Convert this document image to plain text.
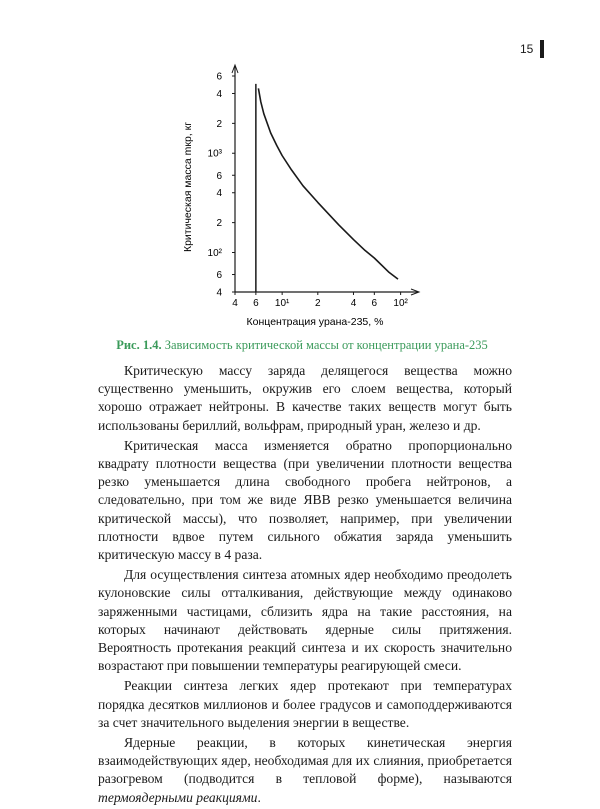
15
4
6
10²
2
4
6
10³
2
4
6
4 6 10¹	2	4 6 10²
Критическая масса mкр, кг
Концентрация урана-235, %
Рис. 1.4. Зависимость критической массы от концентрации урана-235

Критическую массу заряда делящегося вещества можно существенно уменьшить, окружив его слоем вещества, который хорошо отражает нейтроны. В качестве таких веществ могут быть использованы бериллий, вольфрам, природный уран, железо и др.

Критическая масса изменяется обратно пропорционально квадрату плотности вещества (при увеличении плотности вещества резко уменьшается длина свободного пробега нейтронов, а следовательно, при том же виде ЯВВ резко уменьшается величина критической массы), что позволяет, например, при увеличении плотности вдвое путем сильного обжатия заряда уменьшить критическую массу в 4 раза.

Для осуществления синтеза атомных ядер необходимо преодолеть кулоновские силы отталкивания, действующие между одинаково заряженными частицами, сблизить ядра на такие расстояния, на которых начинают действовать ядерные силы притяжения. Вероятность протекания реакций синтеза и их скорость значительно возрастают при повышении температуры реагирующей смеси.

Реакции синтеза легких ядер протекают при температурах порядка десятков миллионов и более градусов и самоподдерживаются за счет значительного выделения энергии в веществе.

Ядерные реакции, в которых кинетическая энергия взаимодействующих ядер, необходимая для их слияния, приобретается разогревом (подводится в тепловой форме), называются термоядерными реакциями.
